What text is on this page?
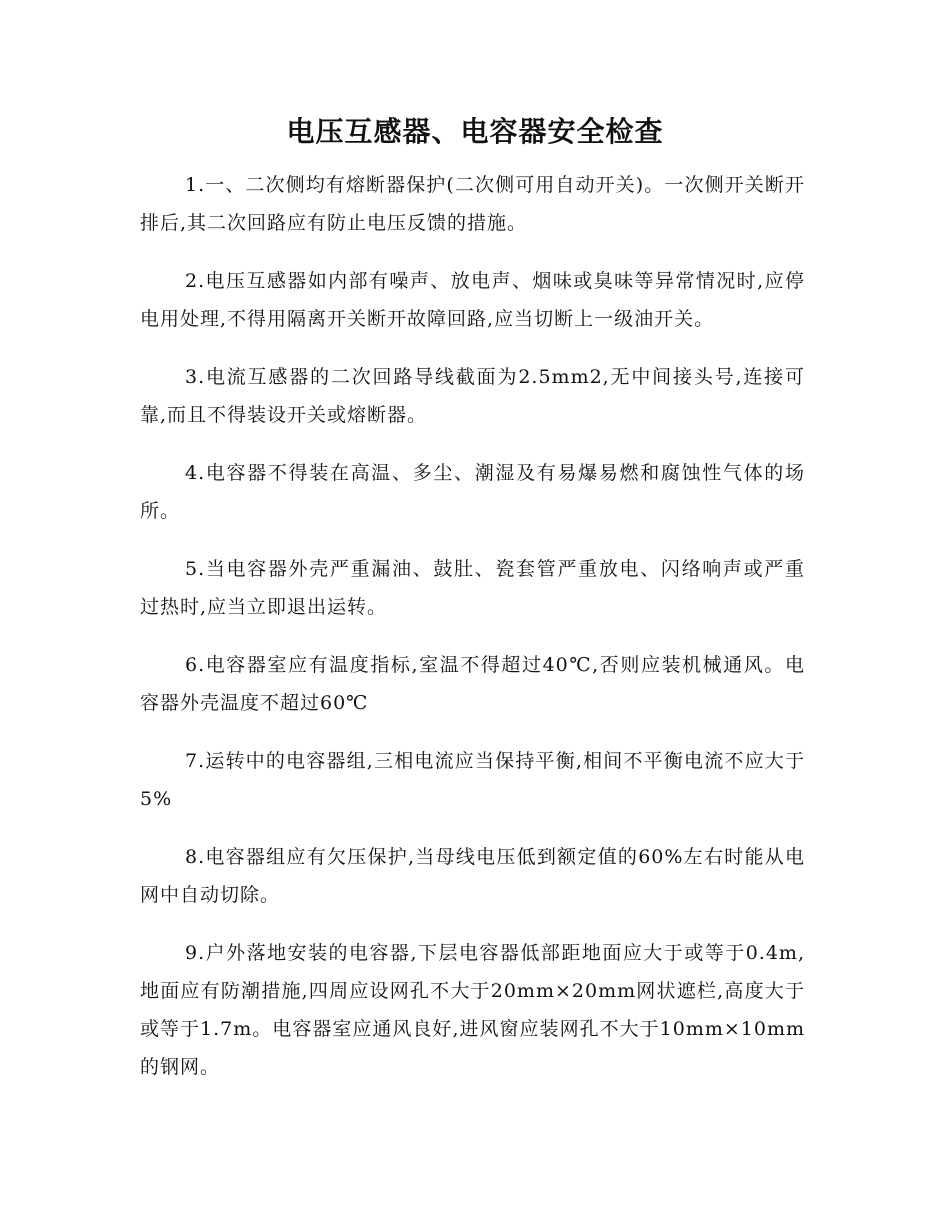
电压互感器、电容器安全检查

1.一、二次侧均有熔断器保护(二次侧可用自动开关)。一次侧开关断开排后,其二次回路应有防止电压反馈的措施。

2.电压互感器如内部有噪声、放电声、烟味或臭味等异常情况时,应停电用处理,不得用隔离开关断开故障回路,应当切断上一级油开关。

3.电流互感器的二次回路导线截面为2.5mm2,无中间接头号,连接可靠,而且不得装设开关或熔断器。

4.电容器不得装在高温、多尘、潮湿及有易爆易燃和腐蚀性气体的场所。

5.当电容器外壳严重漏油、鼓肚、瓷套管严重放电、闪络响声或严重过热时,应当立即退出运转。

6.电容器室应有温度指标,室温不得超过40℃,否则应装机械通风。电容器外壳温度不超过60℃

7.运转中的电容器组,三相电流应当保持平衡,相间不平衡电流不应大于5%

8.电容器组应有欠压保护,当母线电压低到额定值的60%左右时能从电网中自动切除。

9.户外落地安装的电容器,下层电容器低部距地面应大于或等于0.4m,地面应有防潮措施,四周应设网孔不大于20mm×20mm网状遮栏,高度大于或等于1.7m。电容器室应通风良好,进风窗应装网孔不大于10mm×10mm的钢网。
